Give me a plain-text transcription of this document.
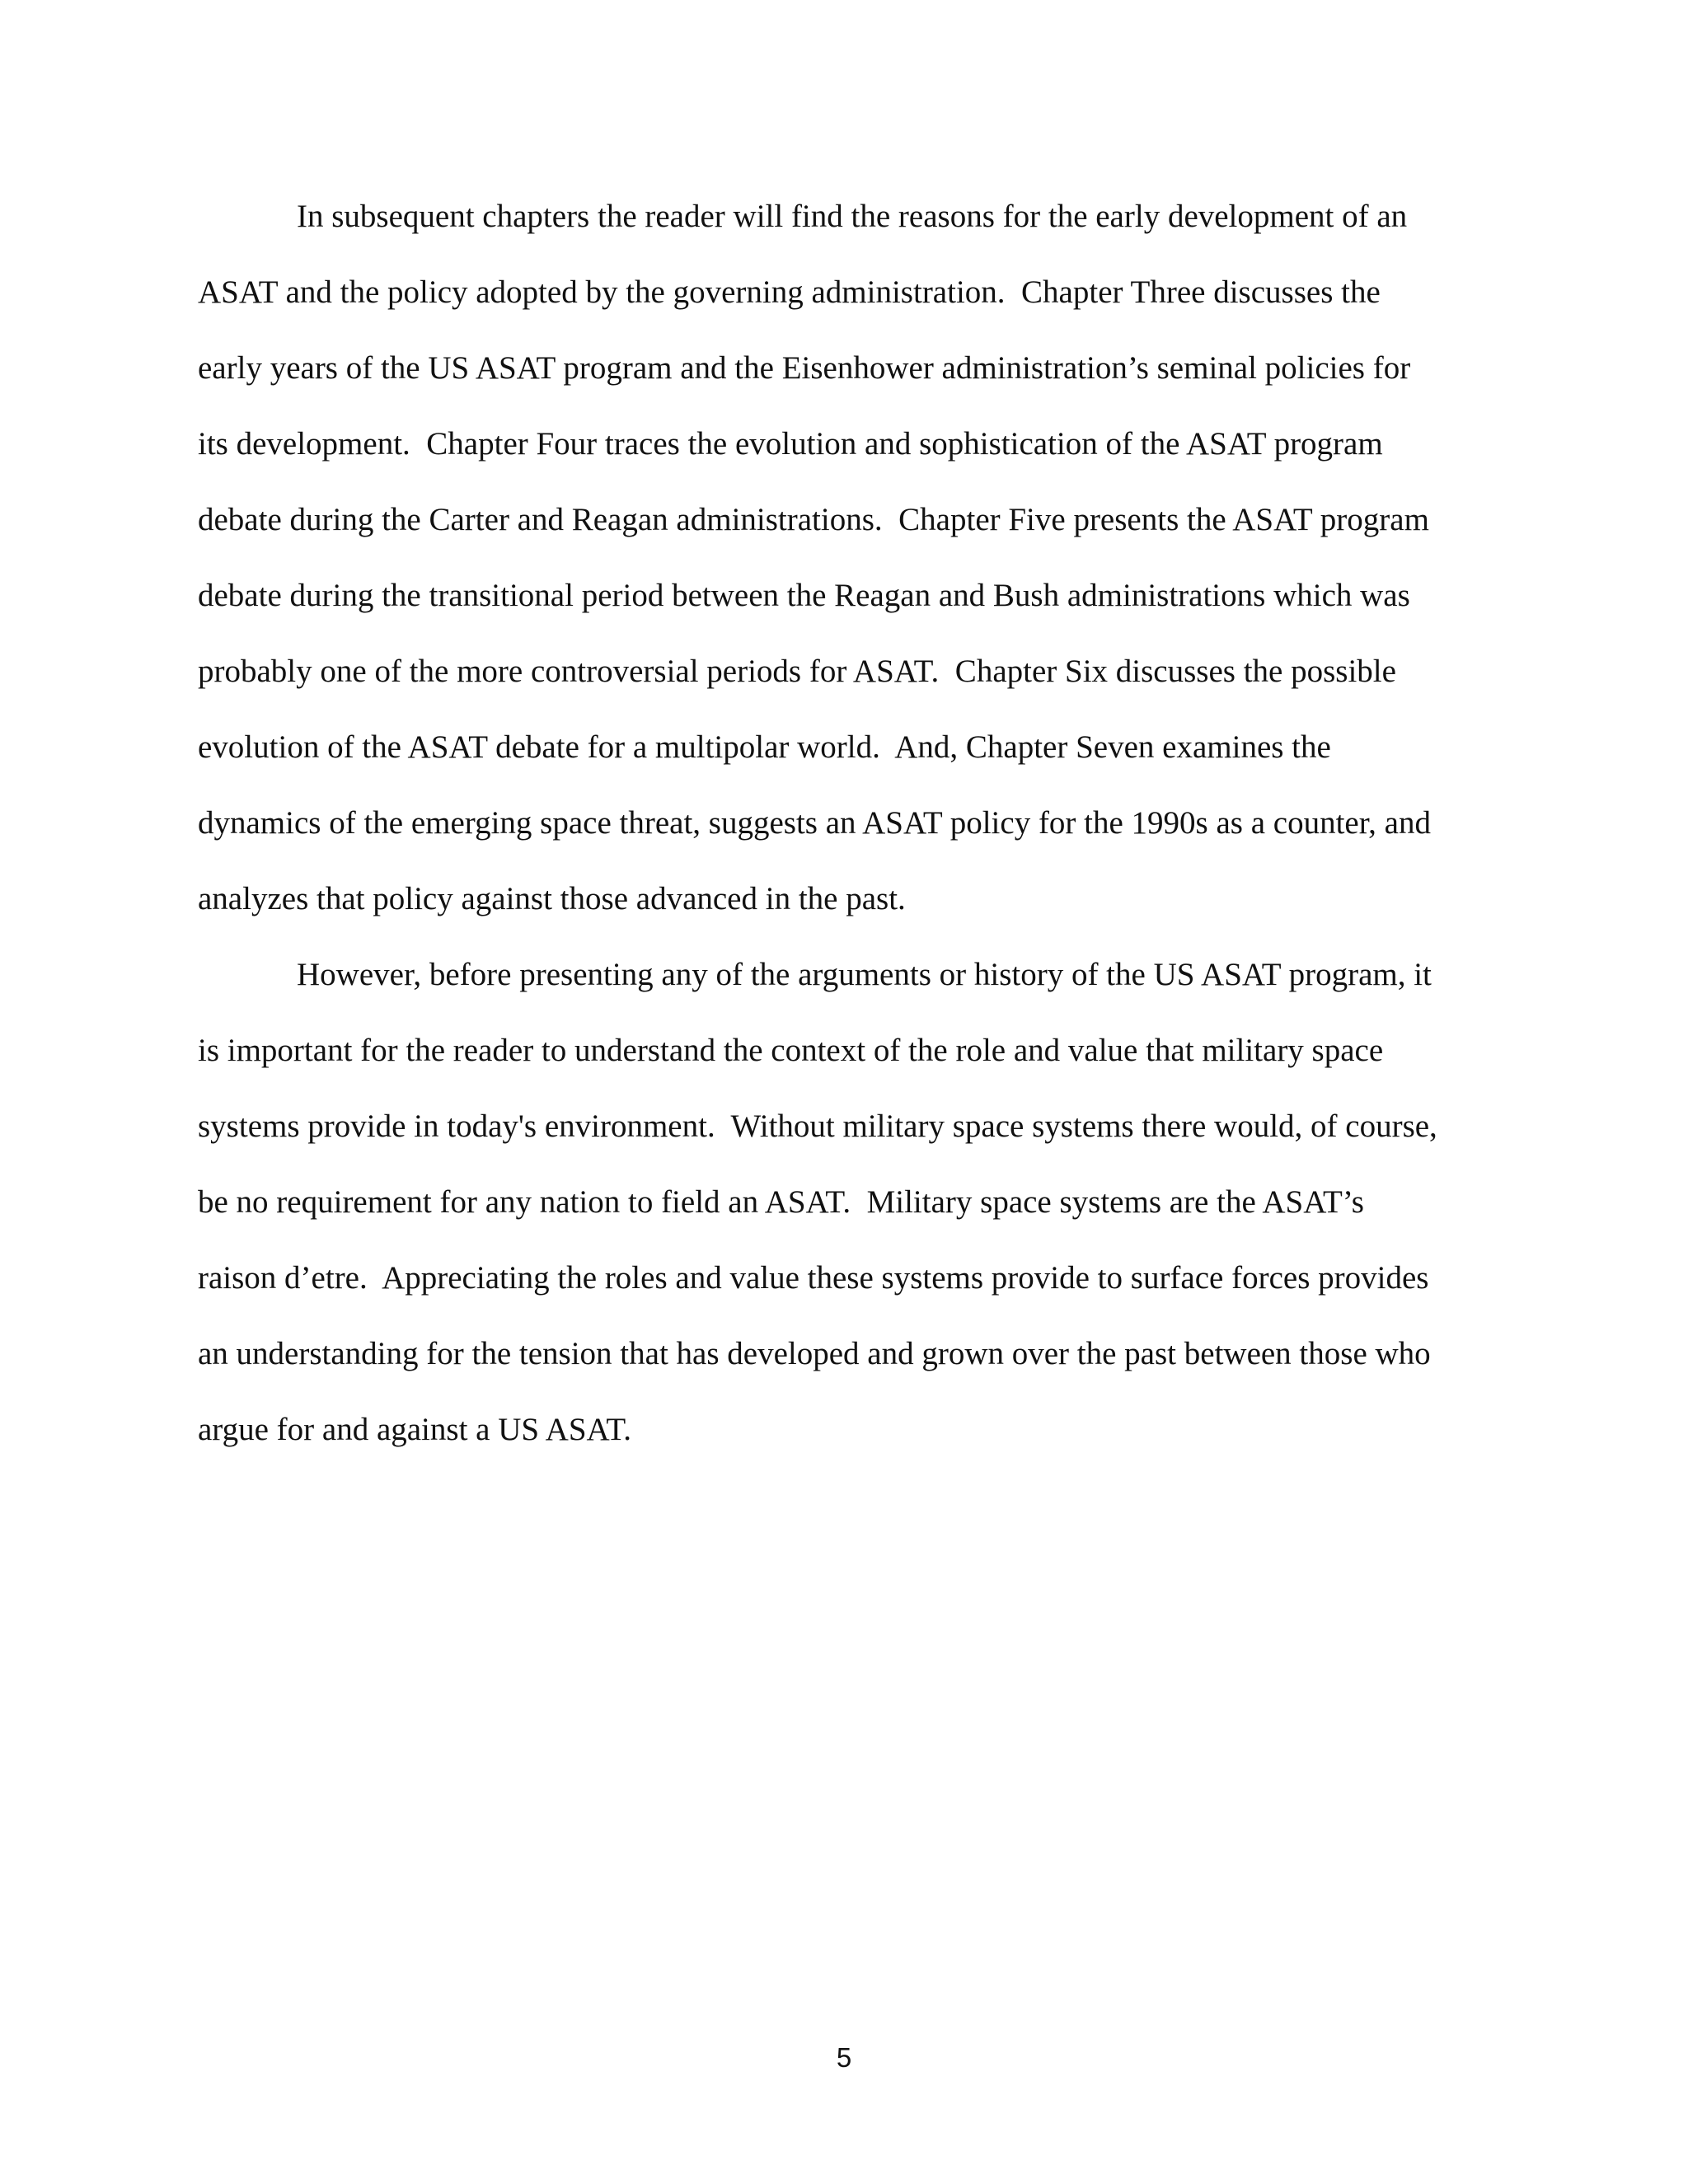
In subsequent chapters the reader will find the reasons for the early development of an
ASAT and the policy adopted by the governing administration.  Chapter Three discusses the
early years of the US ASAT program and the Eisenhower administration’s seminal policies for
its development.  Chapter Four traces the evolution and sophistication of the ASAT program
debate during the Carter and Reagan administrations.  Chapter Five presents the ASAT program
debate during the transitional period between the Reagan and Bush administrations which was
probably one of the more controversial periods for ASAT.  Chapter Six discusses the possible
evolution of the ASAT debate for a multipolar world.  And, Chapter Seven examines the
dynamics of the emerging space threat, suggests an ASAT policy for the 1990s as a counter, and
analyzes that policy against those advanced in the past.
However, before presenting any of the arguments or history of the US ASAT program, it
is important for the reader to understand the context of the role and value that military space
systems provide in today's environment.  Without military space systems there would, of course,
be no requirement for any nation to field an ASAT.  Military space systems are the ASAT’s
raison d’etre.  Appreciating the roles and value these systems provide to surface forces provides
an understanding for the tension that has developed and grown over the past between those who
argue for and against a US ASAT.
5
